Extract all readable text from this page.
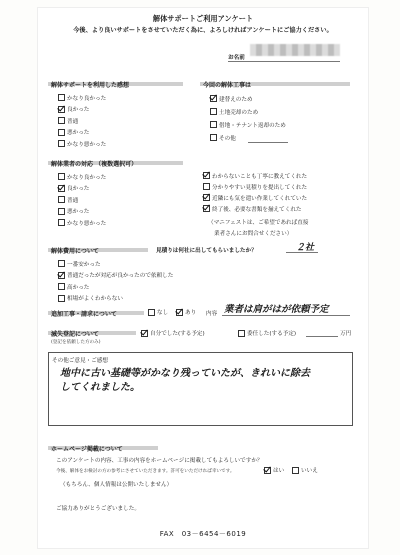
解体サポートご利用アンケート
今後、より良いサポートをさせていただく為に、よろしければアンケートにご協力ください。
お名前
解体サポートを利用した感想
かなり良かった
良かった
普通
悪かった
かなり悪かった
今回の解体工事は
建替えのため
土地売却のため
借地・テナント返却のため
その他
解体業者の対応 （複数選択可）
かなり良かった
良かった
普通
悪かった
かなり悪かった
わからないことも丁寧に教えてくれた
分かりやすい見積りを提出してくれた
近隣にも気を遣い作業してくれていた
終了後、必要な書類を揃えてくれた
（マニフェストは、ご希望であれば直接
業者さんにお問合せください）
解体費用について	見積りは何社に出してもらいましたか？	２社
一番安かった
普通だったが対応が良かったので依頼した
高かった
相場がよくわからない
追加工事・請求について	なし	あり 内容 業者は肩がはが依頼予定
滅失登記について
(登記を依頼した方のみ)
自分でした(する予定)	委任した(する予定)	万円
その他ご意見・ご感想
地中に古い基礎等がかなり残っていたが、きれいに除去
してくれました。
ホームページ掲載について
このアンケートの内容、工事の内容をホームページに掲載してもよろしいですか？
今後、解体をお検討の方の参考にさせていただきます。許可をいただければ幸いです。	はい	いいえ
（もちろん、個人情報は公開いたしません）
ご協力ありがとうございました。
FAX　03－6454－6019
